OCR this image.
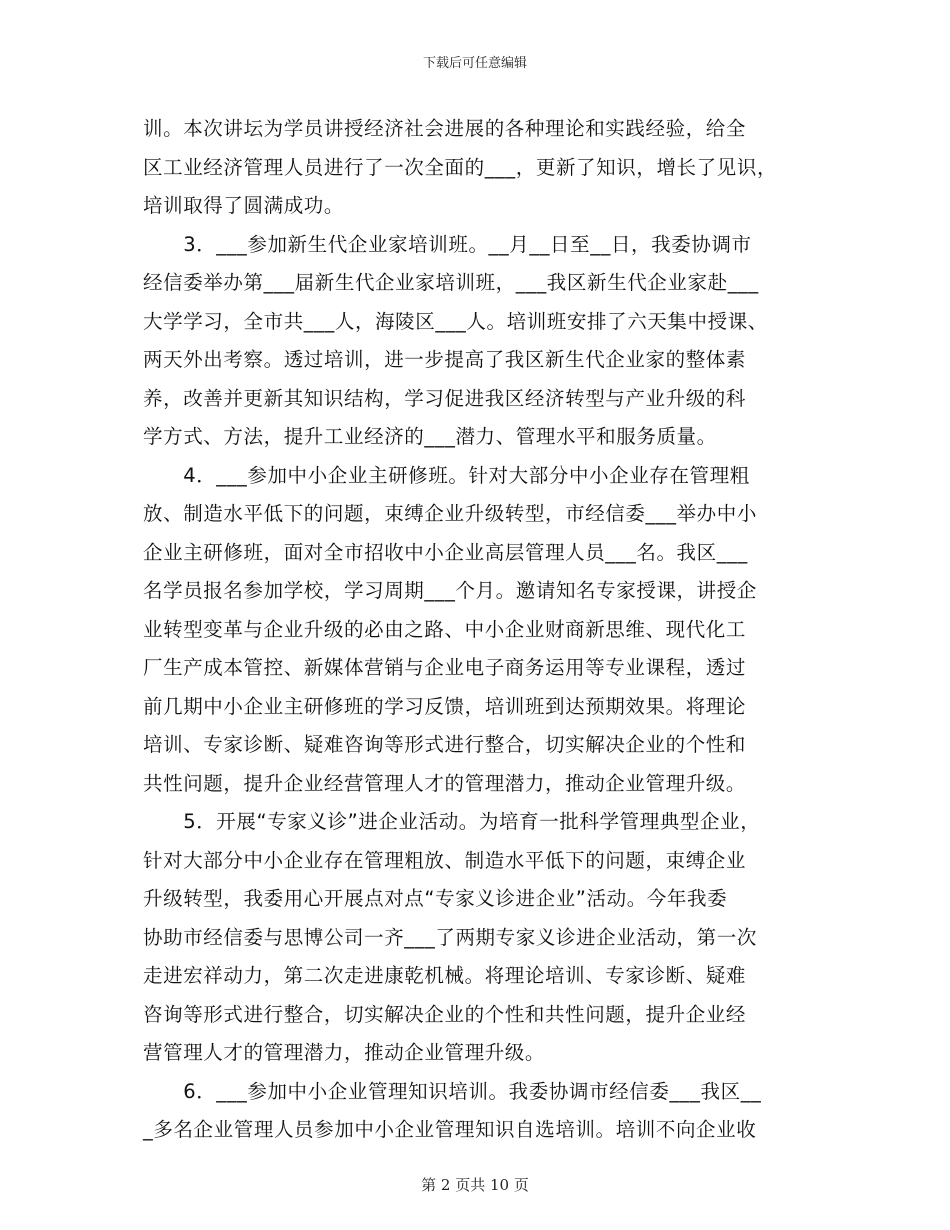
下载后可任意编辑
训。本次讲坛为学员讲授经济社会进展的各种理论和实践经验，给全
区工业经济管理人员进行了一次全面的___，更新了知识，增长了见识，
培训取得了圆满成功。
　　3．___参加新生代企业家培训班。__月__日至__日，我委协调市
经信委举办第___届新生代企业家培训班，___我区新生代企业家赴___
大学学习，全市共___人，海陵区___人。培训班安排了六天集中授课、
两天外出考察。透过培训，进一步提高了我区新生代企业家的整体素
养，改善并更新其知识结构，学习促进我区经济转型与产业升级的科
学方式、方法，提升工业经济的___潜力、管理水平和服务质量。
　　4．___参加中小企业主研修班。针对大部分中小企业存在管理粗
放、制造水平低下的问题，束缚企业升级转型，市经信委___举办中小
企业主研修班，面对全市招收中小企业高层管理人员___名。我区___
名学员报名参加学校，学习周期___个月。邀请知名专家授课，讲授企
业转型变革与企业升级的必由之路、中小企业财商新思维、现代化工
厂生产成本管控、新媒体营销与企业电子商务运用等专业课程，透过
前几期中小企业主研修班的学习反馈，培训班到达预期效果。将理论
培训、专家诊断、疑难咨询等形式进行整合，切实解决企业的个性和
共性问题，提升企业经营管理人才的管理潜力，推动企业管理升级。
　　5．开展“专家义诊”进企业活动。为培育一批科学管理典型企业，
针对大部分中小企业存在管理粗放、制造水平低下的问题，束缚企业
升级转型，我委用心开展点对点“专家义诊进企业”活动。今年我委
协助市经信委与思博公司一齐___了两期专家义诊进企业活动，第一次
走进宏祥动力，第二次走进康乾机械。将理论培训、专家诊断、疑难
咨询等形式进行整合，切实解决企业的个性和共性问题，提升企业经
营管理人才的管理潜力，推动企业管理升级。
　　6．___参加中小企业管理知识培训。我委协调市经信委___我区__
_多名企业管理人员参加中小企业管理知识自选培训。培训不向企业收
第 2 页共 10 页
